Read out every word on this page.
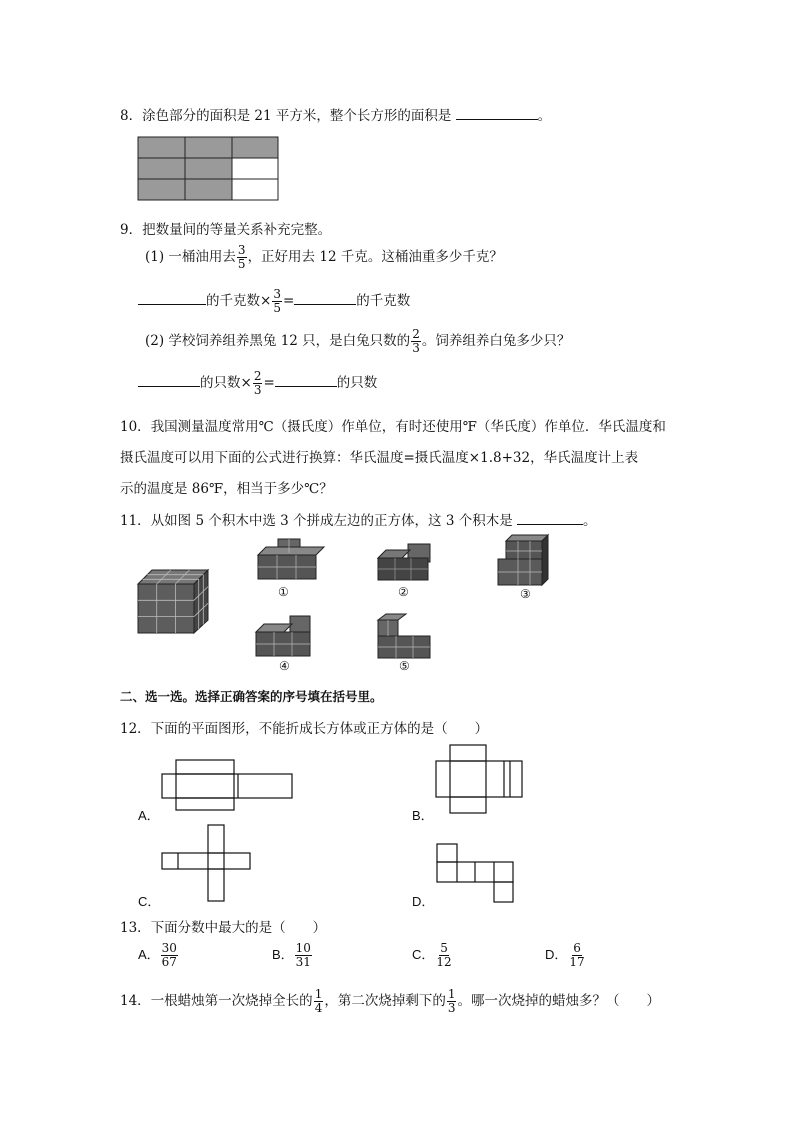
8．涂色部分的面积是 21 平方米，整个长方形的面积是	。
9．把数量间的等量关系补充完整。
(1) 一桶油用去 $\frac{3}{5}$ ，正好用去 12 千克。这桶油重多少千克？
的千克数× $\frac{3}{5}$ =	的千克数
(2) 学校饲养组养黑兔 12 只，是白兔只数的 $\frac{2}{3}$ 。饲养组养白兔多少只？
的只数× $\frac{2}{3}$ =	的只数
10．我国测量温度常用℃（摄氏度）作单位，有时还使用℉（华氏度）作单位．华氏温度和
摄氏温度可以用下面的公式进行换算：华氏温度=摄氏温度×1.8+32，华氏温度计上表
示的温度是 86℉，相当于多少℃？
11．从如图 5 个积木中选 3 个拼成左边的正方体，这 3 个积木是	。
①	②	③
④	⑤
二、选一选。选择正确答案的序号填在括号里。
12．下面的平面图形，不能折成长方体或正方体的是（　　）
A．	B．
C．	D．
13．下面分数中最大的是（　　）
A． $\frac{30}{67}$	B． $\frac{10}{31}$	C． $\frac{5}{12}$	D． $\frac{6}{17}$
14．一根蜡烛第一次烧掉全长的 $\frac{1}{4}$ ，第二次烧掉剩下的 $\frac{1}{3}$ 。哪一次烧掉的蜡烛多？（　　）
